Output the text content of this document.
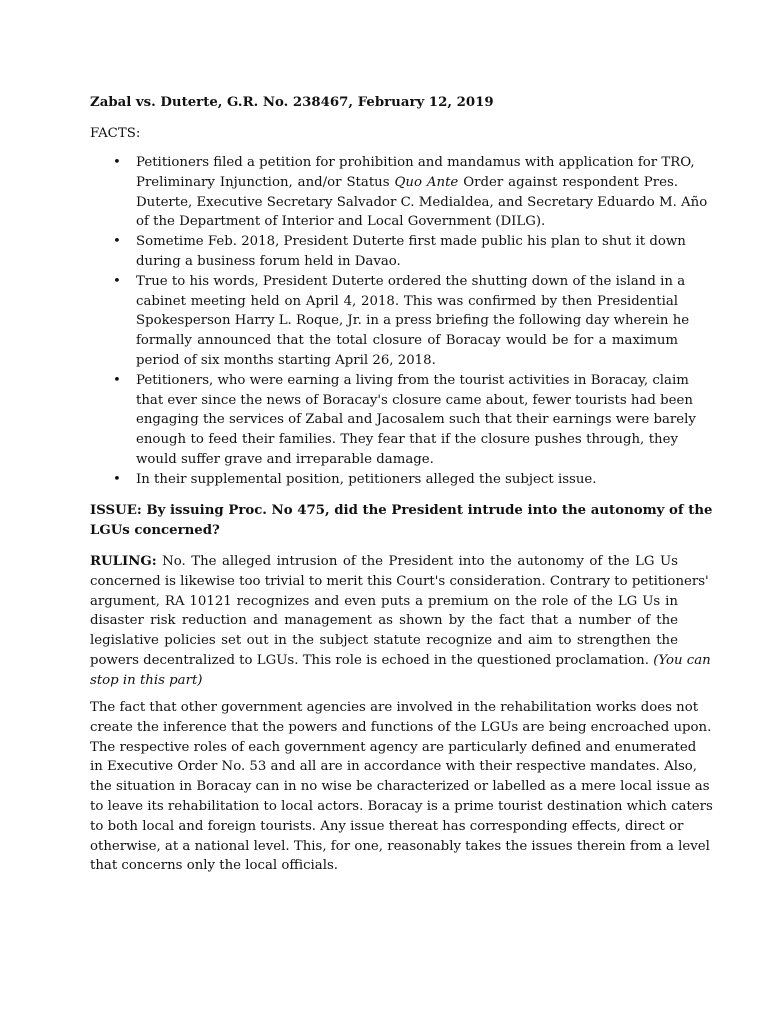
Zabal vs. Duterte, G.R. No. 238467, February 12, 2019
FACTS:
• Petitioners filed a petition for prohibition and mandamus with application for TRO,
Preliminary Injunction, and/or Status Quo Ante Order against respondent Pres.
Duterte, Executive Secretary Salvador C. Medialdea, and Secretary Eduardo M. Año
of the Department of Interior and Local Government (DILG).
• Sometime Feb. 2018, President Duterte first made public his plan to shut it down
during a business forum held in Davao.
• True to his words, President Duterte ordered the shutting down of the island in a
cabinet meeting held on April 4, 2018. This was confirmed by then Presidential
Spokesperson Harry L. Roque, Jr. in a press briefing the following day wherein he
formally announced that the total closure of Boracay would be for a maximum
period of six months starting April 26, 2018.
• Petitioners, who were earning a living from the tourist activities in Boracay, claim
that ever since the news of Boracay's closure came about, fewer tourists had been
engaging the services of Zabal and Jacosalem such that their earnings were barely
enough to feed their families. They fear that if the closure pushes through, they
would suffer grave and irreparable damage.
• In their supplemental position, petitioners alleged the subject issue.
ISSUE: By issuing Proc. No 475, did the President intrude into the autonomy of the
LGUs concerned?
RULING: No. The alleged intrusion of the President into the autonomy of the LG Us
concerned is likewise too trivial to merit this Court's consideration. Contrary to petitioners'
argument, RA 10121 recognizes and even puts a premium on the role of the LG Us in
disaster risk reduction and management as shown by the fact that a number of the
legislative policies set out in the subject statute recognize and aim to strengthen the
powers decentralized to LGUs. This role is echoed in the questioned proclamation. (You can
stop in this part)
The fact that other government agencies are involved in the rehabilitation works does not
create the inference that the powers and functions of the LGUs are being encroached upon.
The respective roles of each government agency are particularly defined and enumerated
in Executive Order No. 53 and all are in accordance with their respective mandates. Also,
the situation in Boracay can in no wise be characterized or labelled as a mere local issue as
to leave its rehabilitation to local actors. Boracay is a prime tourist destination which caters
to both local and foreign tourists. Any issue thereat has corresponding effects, direct or
otherwise, at a national level. This, for one, reasonably takes the issues therein from a level
that concerns only the local officials.
